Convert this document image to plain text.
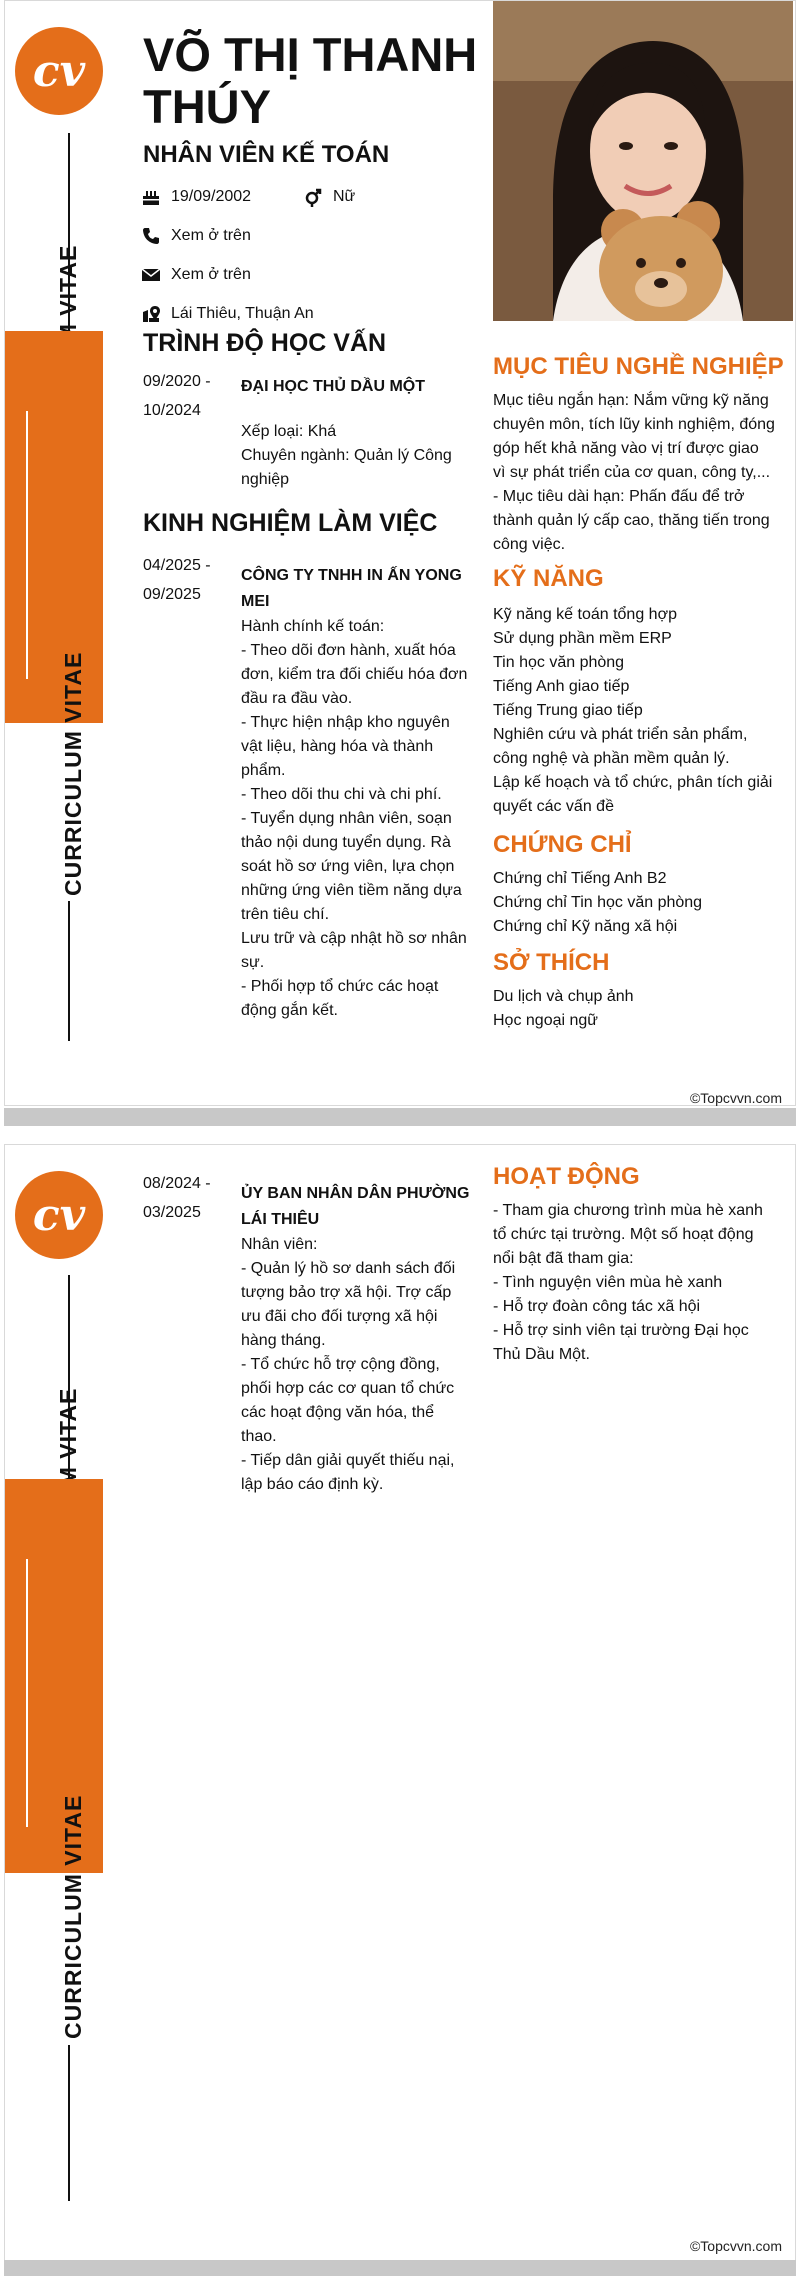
cv
CURRICULUM VITAE
VÕ THỊ THANH THÚY
NHÂN VIÊN KẾ TOÁN
19/09/2002	Nữ
Xem ở trên
Xem ở trên
Lái Thiêu, Thuận An
TRÌNH ĐỘ HỌC VẤN
09/2020 -
10/2024
ĐẠI HỌC THỦ DẦU MỘT

Xếp loại: Khá

Chuyên ngành: Quản lý Công nghiệp

KINH NGHIỆM LÀM VIỆC
04/2025 -
09/2025
CÔNG TY TNHH IN ẤN YONG MEI

Hành chính kế toán:

- Theo dõi đơn hành, xuất hóa đơn, kiểm tra đối chiếu hóa đơn đầu ra đầu vào.

- Thực hiện nhập kho nguyên vật liệu, hàng hóa và thành phẩm.

- Theo dõi thu chi và chi phí.

- Tuyển dụng nhân viên, soạn thảo nội dung tuyển dụng. Rà soát hồ sơ ứng viên, lựa chọn những ứng viên tiềm năng dựa trên tiêu chí.

Lưu trữ và cập nhật hồ sơ nhân sự.

- Phối hợp tổ chức các hoạt động gắn kết.

MỤC TIÊU NGHỀ NGHIỆP

Mục tiêu ngắn hạn: Nắm vững kỹ năng chuyên môn, tích lũy kinh nghiệm, đóng góp hết khả năng vào vị trí được giao vì sự phát triển của cơ quan, công ty,...

- Mục tiêu dài hạn: Phấn đấu để trở thành quản lý cấp cao, thăng tiến trong công việc.

KỸ NĂNG

Kỹ năng kế toán tổng hợp

Sử dụng phần mềm ERP

Tin học văn phòng

Tiếng Anh giao tiếp

Tiếng Trung giao tiếp

Nghiên cứu và phát triển sản phẩm, công nghệ và phần mềm quản lý.

Lập kế hoạch và tổ chức, phân tích giải quyết các vấn đề

CHỨNG CHỈ

Chứng chỉ Tiếng Anh B2

Chứng chỉ Tin học văn phòng

Chứng chỉ Kỹ năng xã hội

SỞ THÍCH

Du lịch và chụp ảnh

Học ngoại ngữ

©Topcvvn.com
cv
CURRICULUM VITAE
08/2024 -
03/2025
ỦY BAN NHÂN DÂN PHƯỜNG LÁI THIÊU

Nhân viên:

- Quản lý hồ sơ danh sách đối tượng bảo trợ xã hội. Trợ cấp ưu đãi cho đối tượng xã hội hàng tháng.

- Tổ chức hỗ trợ cộng đồng, phối hợp các cơ quan tổ chức các hoạt động văn hóa, thể thao.

- Tiếp dân giải quyết thiếu nại, lập báo cáo định kỳ.

HOẠT ĐỘNG

- Tham gia chương trình mùa hè xanh tổ chức tại trường. Một số hoạt động nổi bật đã tham gia:

- Tình nguyện viên mùa hè xanh

- Hỗ trợ đoàn công tác xã hội

- Hỗ trợ sinh viên tại trường Đại học Thủ Dầu Một.

©Topcvvn.com
